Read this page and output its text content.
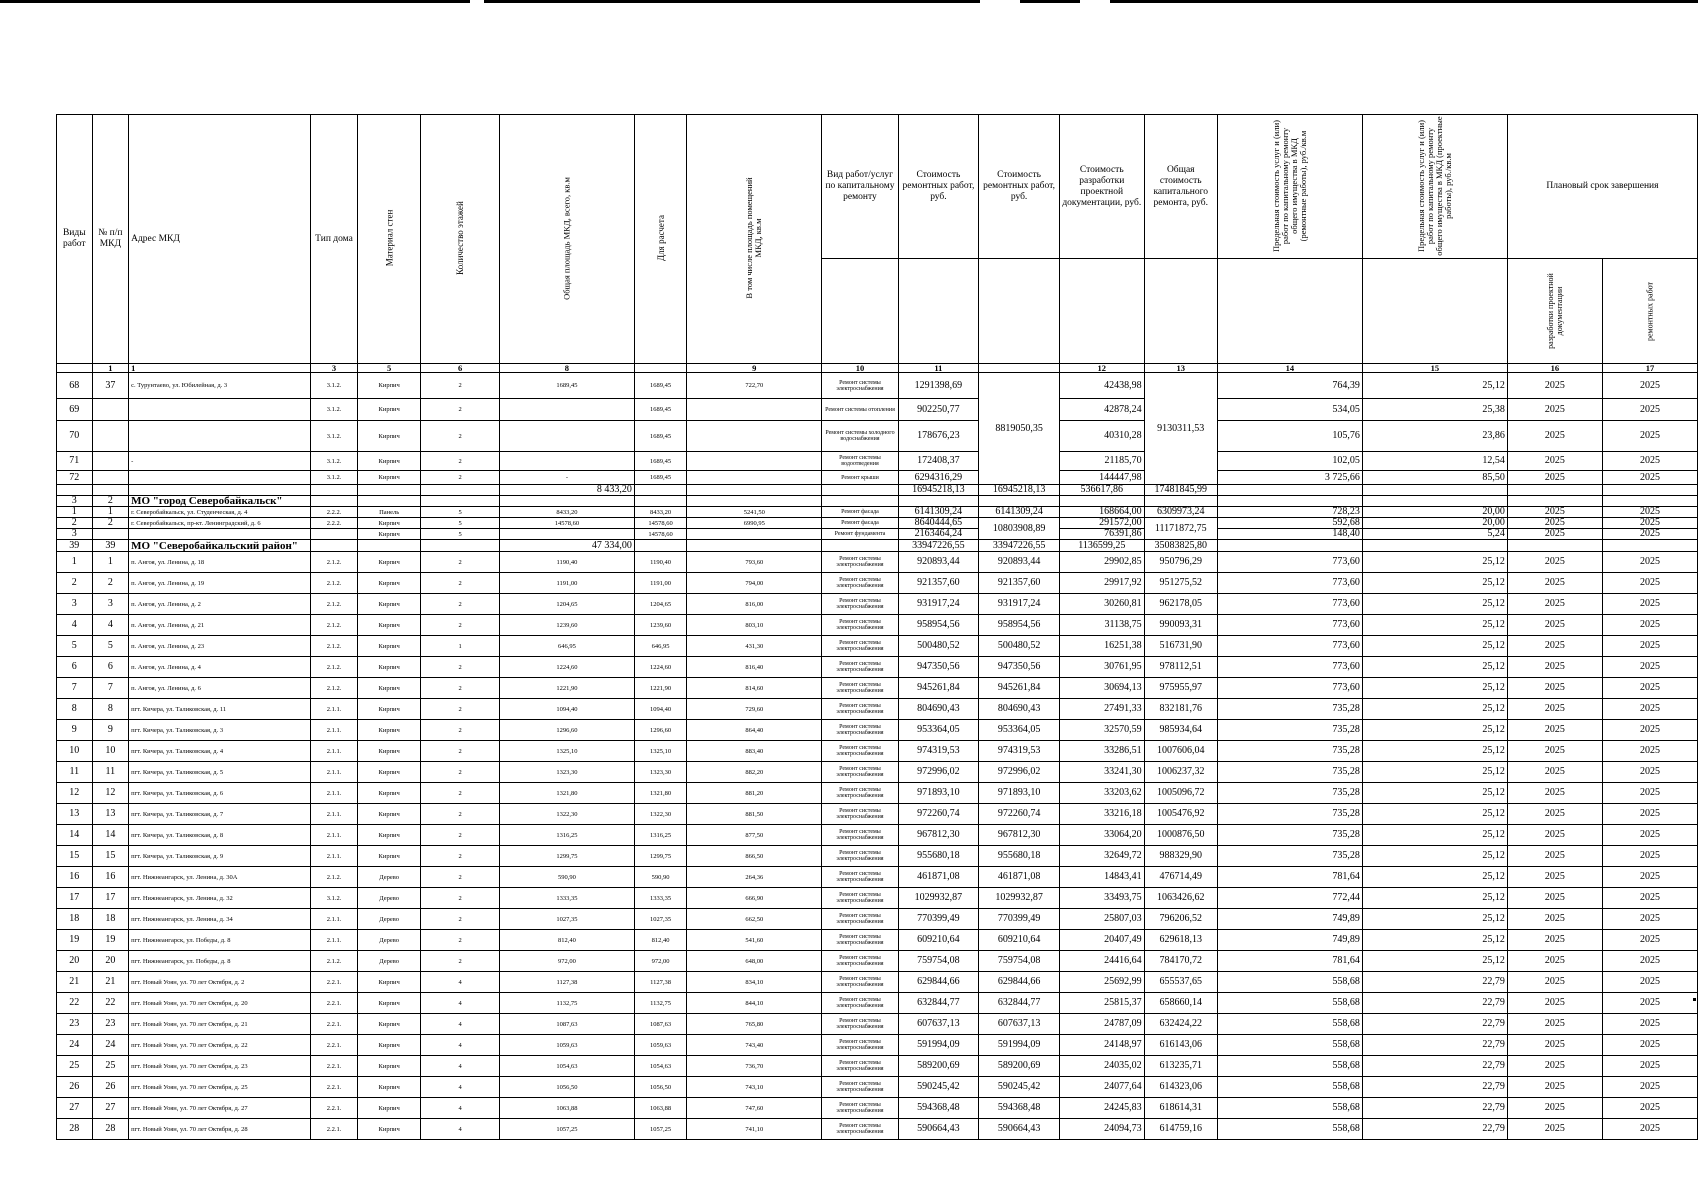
Виды работ	№ п/п МКД	Адрес МКД	Тип дома	Материал стен	Количество этажей	Общая площадь МКД, всего, кв.м	Для расчета	В том числе площадь помещений МКД, кв.м	Вид работ/услуг по капитальному ремонту	Стоимость ремонтных работ, руб.	Стоимость ремонтных работ, руб.	Стоимость разработки проектной документации, руб.	Общая стоимость капитального ремонта, руб.	Предельная стоимость услуг и (или) работ по капитальному ремонту общего имущества в МКД (ремонтные работы), руб./кв.м	Предельная стоимость услуг и (или) работ по капитальному ремонту общего имущества в МКД (проектные работы), руб./кв.м	Плановый срок завершения	
																разработки проектной документации	ремонтных работ
	1	1	3	5	6	8		9	10	11		12	13	14	15	16	17
68	37	с. Турунтаево, ул. Юбилейная, д. 3	3.1.2.	Кирпич	2	1689,45	1689,45	722,70	Ремонт системы электроснабжения	1291398,69	8819050,35	42438,98	9130311,53	764,39	25,12	2025	2025
69			3.1.2.	Кирпич	2		1689,45		Ремонт системы отопления	902250,77		42878,24		534,05	25,38	2025	2025
70			3.1.2.	Кирпич	2		1689,45		Ремонт системы холодного водоснабжения	178676,23		40310,28		105,76	23,86	2025	2025
71		-	3.1.2.	Кирпич	2		1689,45		Ремонт системы водоотведения	172408,37		21185,70		102,05	12,54	2025	2025
72			3.1.2.	Кирпич	2	-	1689,45		Ремонт крыши	6294316,29		144447,98		3 725,66	85,50	2025	2025
						8 433,20				16945218,13	16945218,13	536617,86	17481845,99				
3	2	МО "город Северобайкальск"															
1	1	г. Северобайкальск, ул. Студенческая, д. 4	2.2.2.	Панель	5	8433,20	8433,20	5241,50	Ремонт фасада	6141309,24	6141309,24	168664,00	6309973,24	728,23	20,00	2025	2025
2	2	г. Северобайкальск, пр-кт. Ленинградский, д. 6	2.2.2.	Кирпич	5	14578,60	14578,60	6990,95	Ремонт фасада	8640444,65	10803908,89	291572,00	11171872,75	592,68	20,00	2025	2025
3				Кирпич	5		14578,60		Ремонт фундамента	2163464,24		76391,86		148,40	5,24	2025	2025
39	39	МО "Северобайкальский район"				47 334,00				33947226,55	33947226,55	1136599,25	35083825,80				
1	1	п. Ангоя, ул. Ленина, д. 18	2.1.2.	Кирпич	2	1190,40	1190,40	793,60	Ремонт системы электроснабжения	920893,44	920893,44	29902,85	950796,29	773,60	25,12	2025	2025
2	2	п. Ангоя, ул. Ленина, д. 19	2.1.2.	Кирпич	2	1191,00	1191,00	794,00	Ремонт системы электроснабжения	921357,60	921357,60	29917,92	951275,52	773,60	25,12	2025	2025
3	3	п. Ангоя, ул. Ленина, д. 2	2.1.2.	Кирпич	2	1204,65	1204,65	816,00	Ремонт системы электроснабжения	931917,24	931917,24	30260,81	962178,05	773,60	25,12	2025	2025
4	4	п. Ангоя, ул. Ленина, д. 21	2.1.2.	Кирпич	2	1239,60	1239,60	803,10	Ремонт системы электроснабжения	958954,56	958954,56	31138,75	990093,31	773,60	25,12	2025	2025
5	5	п. Ангоя, ул. Ленина, д. 23	2.1.2.	Кирпич	1	646,95	646,95	431,30	Ремонт системы электроснабжения	500480,52	500480,52	16251,38	516731,90	773,60	25,12	2025	2025
6	6	п. Ангоя, ул. Ленина, д. 4	2.1.2.	Кирпич	2	1224,60	1224,60	816,40	Ремонт системы электроснабжения	947350,56	947350,56	30761,95	978112,51	773,60	25,12	2025	2025
7	7	п. Ангоя, ул. Ленина, д. 6	2.1.2.	Кирпич	2	1221,90	1221,90	814,60	Ремонт системы электроснабжения	945261,84	945261,84	30694,13	975955,97	773,60	25,12	2025	2025
8	8	пгт. Кичера, ул. Таликовская, д. 11	2.1.1.	Кирпич	2	1094,40	1094,40	729,60	Ремонт системы электроснабжения	804690,43	804690,43	27491,33	832181,76	735,28	25,12	2025	2025
9	9	пгт. Кичера, ул. Таликовская, д. 3	2.1.1.	Кирпич	2	1296,60	1296,60	864,40	Ремонт системы электроснабжения	953364,05	953364,05	32570,59	985934,64	735,28	25,12	2025	2025
10	10	пгт. Кичера, ул. Таликовская, д. 4	2.1.1.	Кирпич	2	1325,10	1325,10	883,40	Ремонт системы электроснабжения	974319,53	974319,53	33286,51	1007606,04	735,28	25,12	2025	2025
11	11	пгт. Кичера, ул. Таликовская, д. 5	2.1.1.	Кирпич	2	1323,30	1323,30	882,20	Ремонт системы электроснабжения	972996,02	972996,02	33241,30	1006237,32	735,28	25,12	2025	2025
12	12	пгт. Кичера, ул. Таликовская, д. 6	2.1.1.	Кирпич	2	1321,80	1321,80	881,20	Ремонт системы электроснабжения	971893,10	971893,10	33203,62	1005096,72	735,28	25,12	2025	2025
13	13	пгт. Кичера, ул. Таликовская, д. 7	2.1.1.	Кирпич	2	1322,30	1322,30	881,50	Ремонт системы электроснабжения	972260,74	972260,74	33216,18	1005476,92	735,28	25,12	2025	2025
14	14	пгт. Кичера, ул. Таликовская, д. 8	2.1.1.	Кирпич	2	1316,25	1316,25	877,50	Ремонт системы электроснабжения	967812,30	967812,30	33064,20	1000876,50	735,28	25,12	2025	2025
15	15	пгт. Кичера, ул. Таликовская, д. 9	2.1.1.	Кирпич	2	1299,75	1299,75	866,50	Ремонт системы электроснабжения	955680,18	955680,18	32649,72	988329,90	735,28	25,12	2025	2025
16	16	пгт. Нижнеангарск, ул. Ленина, д. 30А	2.1.2.	Дерево	2	590,90	590,90	264,36	Ремонт системы электроснабжения	461871,08	461871,08	14843,41	476714,49	781,64	25,12	2025	2025
17	17	пгт. Нижнеангарск, ул. Ленина, д. 32	3.1.2.	Дерево	2	1333,35	1333,35	666,90	Ремонт системы электроснабжения	1029932,87	1029932,87	33493,75	1063426,62	772,44	25,12	2025	2025
18	18	пгт. Нижнеангарск, ул. Ленина, д. 34	2.1.1.	Дерево	2	1027,35	1027,35	662,50	Ремонт системы электроснабжения	770399,49	770399,49	25807,03	796206,52	749,89	25,12	2025	2025
19	19	пгт. Нижнеангарск, ул. Победы, д. 8	2.1.1.	Дерево	2	812,40	812,40	541,60	Ремонт системы электроснабжения	609210,64	609210,64	20407,49	629618,13	749,89	25,12	2025	2025
20	20	пгт. Нижнеангарск, ул. Победы, д. 8	2.1.2.	Дерево	2	972,00	972,00	648,00	Ремонт системы электроснабжения	759754,08	759754,08	24416,64	784170,72	781,64	25,12	2025	2025
21	21	пгт. Новый Уоян, ул. 70 лет Октября, д. 2	2.2.1.	Кирпич	4	1127,38	1127,38	834,10	Ремонт системы электроснабжения	629844,66	629844,66	25692,99	655537,65	558,68	22,79	2025	2025
22	22	пгт. Новый Уоян, ул. 70 лет Октября, д. 20	2.2.1.	Кирпич	4	1132,75	1132,75	844,10	Ремонт системы электроснабжения	632844,77	632844,77	25815,37	658660,14	558,68	22,79	2025	2025
23	23	пгт. Новый Уоян, ул. 70 лет Октября, д. 21	2.2.1.	Кирпич	4	1087,63	1087,63	765,80	Ремонт системы электроснабжения	607637,13	607637,13	24787,09	632424,22	558,68	22,79	2025	2025
24	24	пгт. Новый Уоян, ул. 70 лет Октября, д. 22	2.2.1.	Кирпич	4	1059,63	1059,63	743,40	Ремонт системы электроснабжения	591994,09	591994,09	24148,97	616143,06	558,68	22,79	2025	2025
25	25	пгт. Новый Уоян, ул. 70 лет Октября, д. 23	2.2.1.	Кирпич	4	1054,63	1054,63	736,70	Ремонт системы электроснабжения	589200,69	589200,69	24035,02	613235,71	558,68	22,79	2025	2025
26	26	пгт. Новый Уоян, ул. 70 лет Октября, д. 25	2.2.1.	Кирпич	4	1056,50	1056,50	743,10	Ремонт системы электроснабжения	590245,42	590245,42	24077,64	614323,06	558,68	22,79	2025	2025
27	27	пгт. Новый Уоян, ул. 70 лет Октября, д. 27	2.2.1.	Кирпич	4	1063,88	1063,88	747,60	Ремонт системы электроснабжения	594368,48	594368,48	24245,83	618614,31	558,68	22,79	2025	2025
28	28	пгт. Новый Уоян, ул. 70 лет Октября, д. 28	2.2.1.	Кирпич	4	1057,25	1057,25	741,10	Ремонт системы электроснабжения	590664,43	590664,43	24094,73	614759,16	558,68	22,79	2025	2025
